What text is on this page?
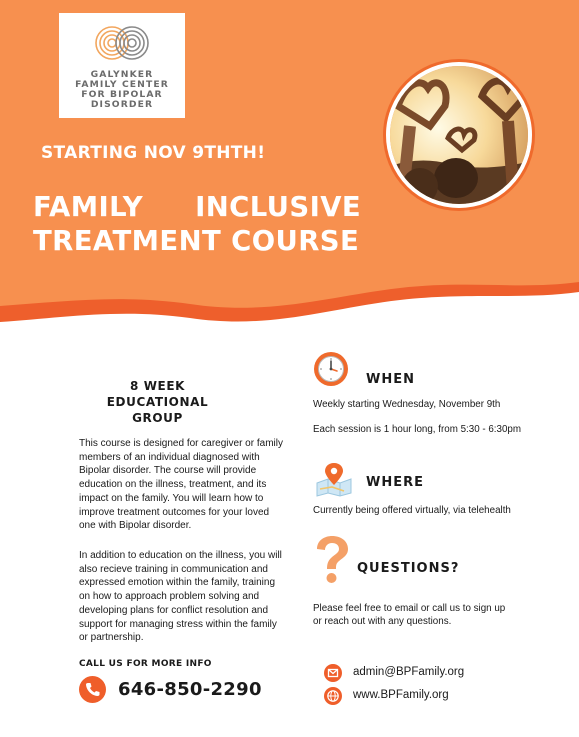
GALYNKER
FAMILY CENTER
FOR BIPOLAR
DISORDER
STARTING NOV 9THTH!
FAMILY INCLUSIVE
TREATMENT COURSE
8 WEEK
EDUCATIONAL
GROUP

This course is designed for caregiver or family members of an individual diagnosed with Bipolar disorder. The course will provide education on the illness, treatment, and its impact on the family. You will learn how to improve treatment outcomes for your loved one with Bipolar disorder.

In addition to education on the illness, you will also recieve training in communication and expressed emotion within the family, training on how to approach problem solving and developing plans for conflict resolution and support for managing stress within the family or partnership.

CALL US FOR MORE INFO
646-850-2290
WHEN
Weekly starting Wednesday, November 9th
Each session is 1 hour long, from 5:30 - 6:30pm
WHERE
Currently being offered virtually, via telehealth
QUESTIONS?
Please feel free to email or call us to sign up
or reach out with any questions.
admin@BPFamily.org
www.BPFamily.org
